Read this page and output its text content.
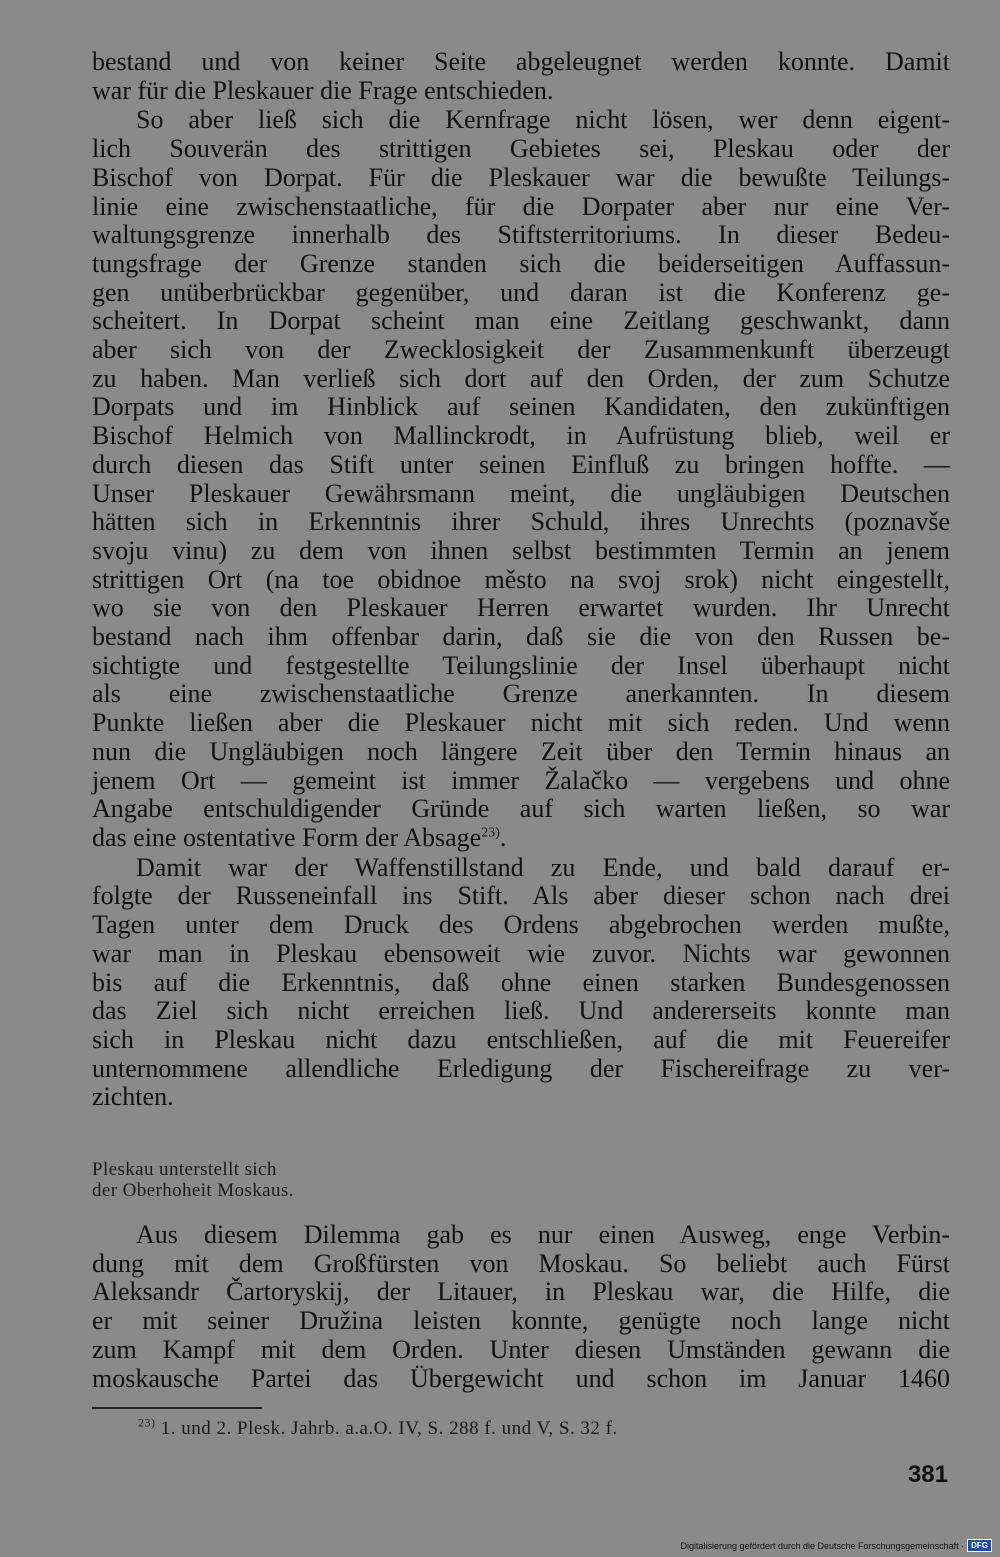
bestand und von keiner Seite abgeleugnet werden konnte. Damit
war für die Pleskauer die Frage entschieden.
So aber ließ sich die Kernfrage nicht lösen, wer denn eigent-
lich Souverän des strittigen Gebietes sei, Pleskau oder der
Bischof von Dorpat. Für die Pleskauer war die bewußte Teilungs-
linie eine zwischenstaatliche, für die Dorpater aber nur eine Ver-
waltungsgrenze innerhalb des Stiftsterritoriums. In dieser Bedeu-
tungsfrage der Grenze standen sich die beiderseitigen Auffassun-
gen unüberbrückbar gegenüber, und daran ist die Konferenz ge-
scheitert. In Dorpat scheint man eine Zeitlang geschwankt, dann
aber sich von der Zwecklosigkeit der Zusammenkunft überzeugt
zu haben. Man verließ sich dort auf den Orden, der zum Schutze
Dorpats und im Hinblick auf seinen Kandidaten, den zukünftigen
Bischof Helmich von Mallinckrodt, in Aufrüstung blieb, weil er
durch diesen das Stift unter seinen Einfluß zu bringen hoffte. —
Unser Pleskauer Gewährsmann meint, die ungläubigen Deutschen
hätten sich in Erkenntnis ihrer Schuld, ihres Unrechts (poznavše
svoju vinu) zu dem von ihnen selbst bestimmten Termin an jenem
strittigen Ort (na toe obidnoe město na svoj srok) nicht eingestellt,
wo sie von den Pleskauer Herren erwartet wurden. Ihr Unrecht
bestand nach ihm offenbar darin, daß sie die von den Russen be-
sichtigte und festgestellte Teilungslinie der Insel überhaupt nicht
als eine zwischenstaatliche Grenze anerkannten. In diesem
Punkte ließen aber die Pleskauer nicht mit sich reden. Und wenn
nun die Ungläubigen noch längere Zeit über den Termin hinaus an
jenem Ort — gemeint ist immer Žalačko — vergebens und ohne
Angabe entschuldigender Gründe auf sich warten ließen, so war
das eine ostentative Form der Absage$^{23)}$.
Damit war der Waffenstillstand zu Ende, und bald darauf er-
folgte der Russeneinfall ins Stift. Als aber dieser schon nach drei
Tagen unter dem Druck des Ordens abgebrochen werden mußte,
war man in Pleskau ebensoweit wie zuvor. Nichts war gewonnen
bis auf die Erkenntnis, daß ohne einen starken Bundesgenossen
das Ziel sich nicht erreichen ließ. Und andererseits konnte man
sich in Pleskau nicht dazu entschließen, auf die mit Feuereifer
unternommene allendliche Erledigung der Fischereifrage zu ver-
zichten.
Pleskau unterstellt sich
der Oberhoheit Moskaus.
Aus diesem Dilemma gab es nur einen Ausweg, enge Verbin-
dung mit dem Großfürsten von Moskau. So beliebt auch Fürst
Aleksandr Čartoryskij, der Litauer, in Pleskau war, die Hilfe, die
er mit seiner Družina leisten konnte, genügte noch lange nicht
zum Kampf mit dem Orden. Unter diesen Umständen gewann die
moskausche Partei das Übergewicht und schon im Januar 1460
$^{23)}$ 1. und 2. Plesk. Jahrb. a.a.O. IV, S. 288 f. und V, S. 32 f.
381
Digitalisierung gefördert durch die Deutsche Forschungsgemeinschaft · DFG
